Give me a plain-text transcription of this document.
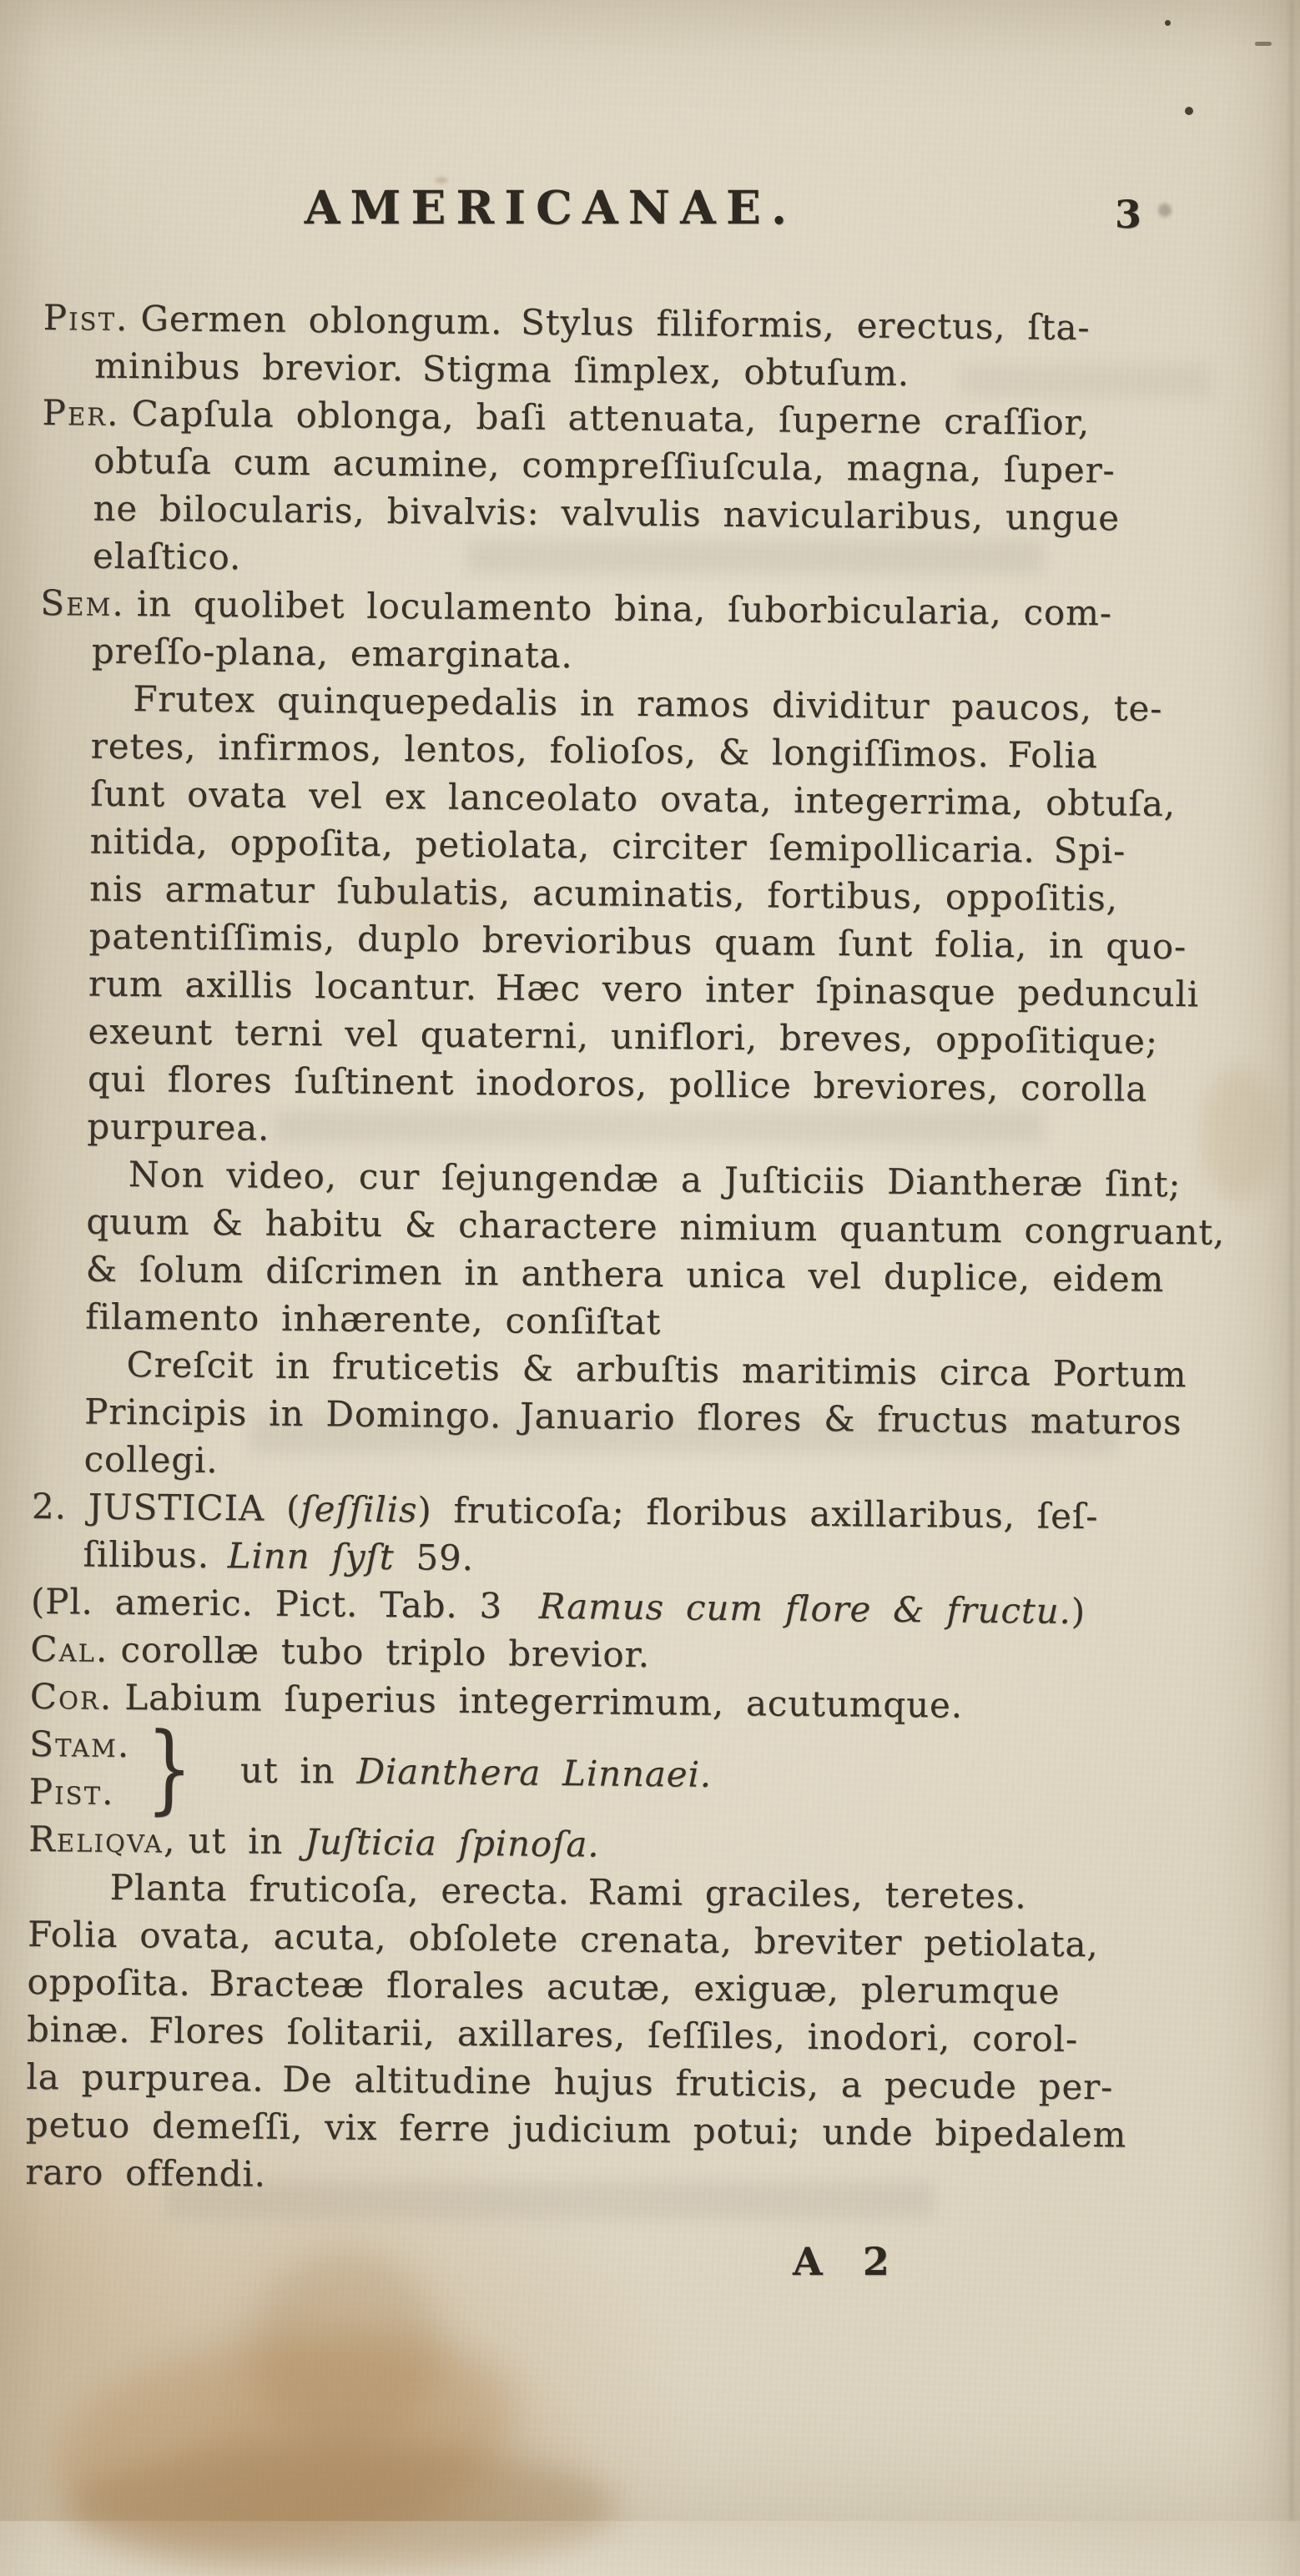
AMERICANAE.	3
Pist. Germen oblongum. Stylus filiformis, erectus, ſta-
minibus brevior. Stigma ſimplex, obtuſum.
Per. Capſula oblonga, baſi attenuata, ſuperne craſſior,
obtuſa cum acumine, compreſſiuſcula, magna, ſuper-
ne bilocularis, bivalvis: valvulis navicularibus, ungue
elaſtico.
Sem. in quolibet loculamento bina, ſuborbicularia, com-
preſſo-plana, emarginata.
Frutex quinquepedalis in ramos dividitur paucos, te-
retes, infirmos, lentos, folioſos, & longiſſimos. Folia
ſunt ovata vel ex lanceolato ovata, integerrima, obtuſa,
nitida, oppoſita, petiolata, circiter ſemipollicaria. Spi-
nis armatur ſubulatis, acuminatis, fortibus, oppoſitis,
patentiſſimis, duplo brevioribus quam ſunt folia, in quo-
rum axillis locantur. Hæc vero inter ſpinasque pedunculi
exeunt terni vel quaterni, uniflori, breves, oppoſitique;
qui flores ſuſtinent inodoros, pollice breviores, corolla
purpurea.
Non video, cur ſejungendæ a Juſticiis Diantheræ ſint;
quum & habitu & charactere nimium quantum congruant,
& ſolum diſcrimen in anthera unica vel duplice, eidem
filamento inhærente, conſiſtat
Creſcit in fruticetis & arbuſtis maritimis circa Portum
Principis in Domingo. Januario flores & fructus maturos
collegi.
2. JUSTICIA (ſeſſilis) fruticoſa; floribus axillaribus, ſeſ-
ſilibus. Linn ſyſt 59.
(Pl. americ. Pict. Tab. 3  Ramus cum flore & fructu.)
Cal. corollæ tubo triplo brevior.
Cor. Labium ſuperius integerrimum, acutumque.
Stam.
Pist. } ut in Dianthera Linnaei.
Reliqva, ut in Juſticia ſpinoſa.
Planta fruticoſa, erecta. Rami graciles, teretes.
Folia ovata, acuta, obſolete crenata, breviter petiolata,
oppoſita. Bracteæ florales acutæ, exiguæ, plerumque
binæ. Flores ſolitarii, axillares, ſeſſiles, inodori, corol-
la purpurea. De altitudine hujus fruticis, a pecude per-
petuo demeſſi, vix ferre judicium potui; unde bipedalem
raro offendi.
A 2
